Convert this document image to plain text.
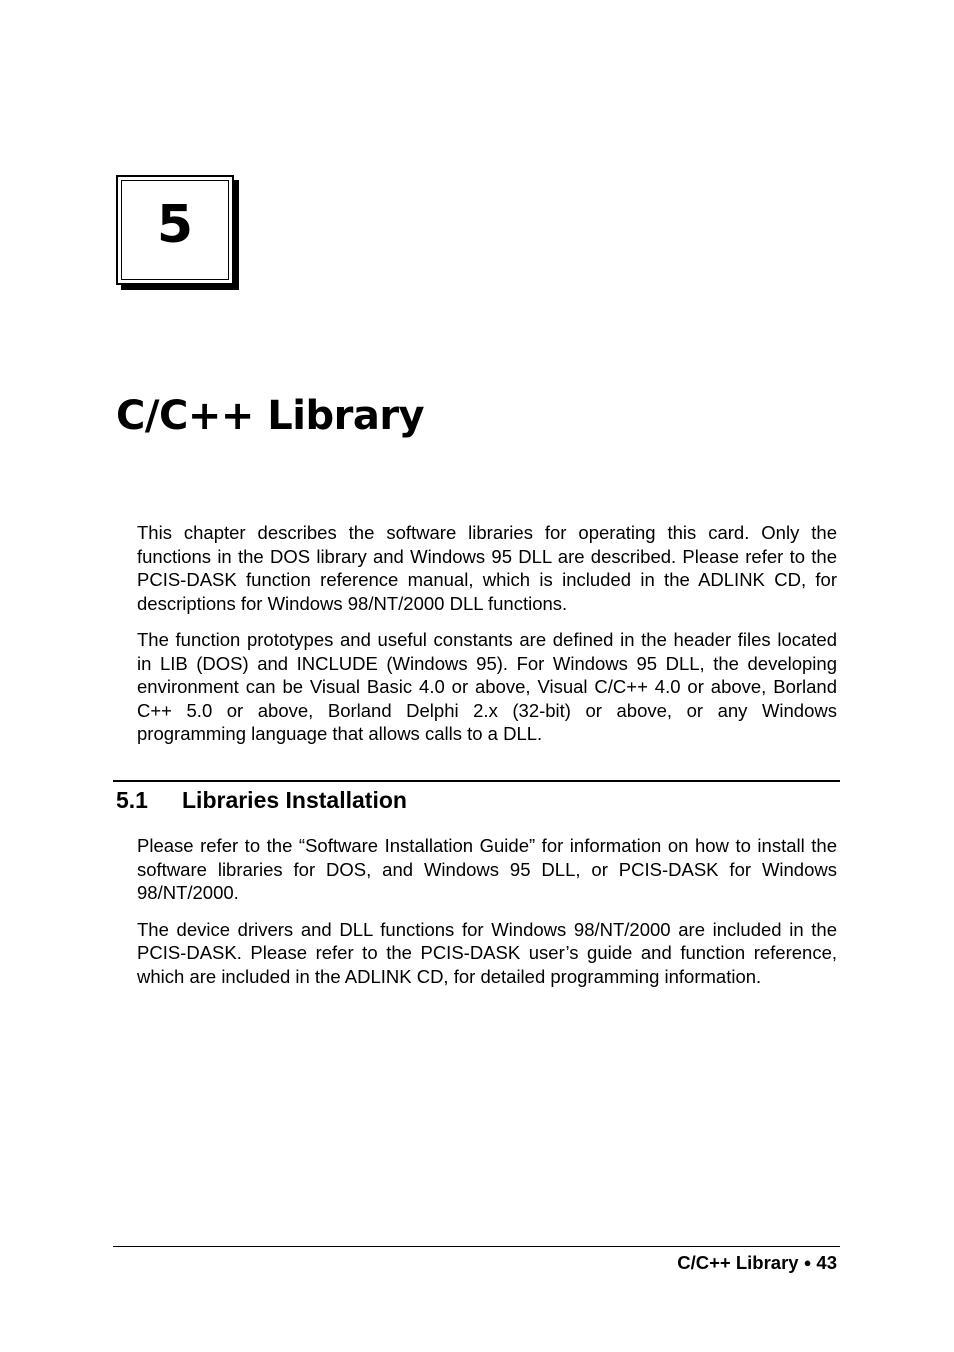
5
C/C++ Library

This chapter describes the software libraries for operating this card. Only the functions in the DOS library and Windows 95 DLL are described. Please refer to the PCIS-DASK function reference manual, which is included in the ADLINK CD, for descriptions for Windows 98/NT/2000 DLL functions.

The function prototypes and useful constants are defined in the header files located in LIB (DOS) and INCLUDE (Windows 95). For Windows 95 DLL, the developing environment can be Visual Basic 4.0 or above, Visual C/C++ 4.0 or above, Borland C++ 5.0 or above, Borland Delphi 2.x (32-bit) or above, or any Windows programming language that allows calls to a DLL.

5.1 Libraries Installation

Please refer to the “Software Installation Guide” for information on how to install the software libraries for DOS, and Windows 95 DLL, or PCIS-DASK for Windows 98/NT/2000.

The device drivers and DLL functions for Windows 98/NT/2000 are included in the PCIS-DASK. Please refer to the PCIS-DASK user’s guide and function reference, which are included in the ADLINK CD, for detailed programming information.

C/C++ Library ● 43
